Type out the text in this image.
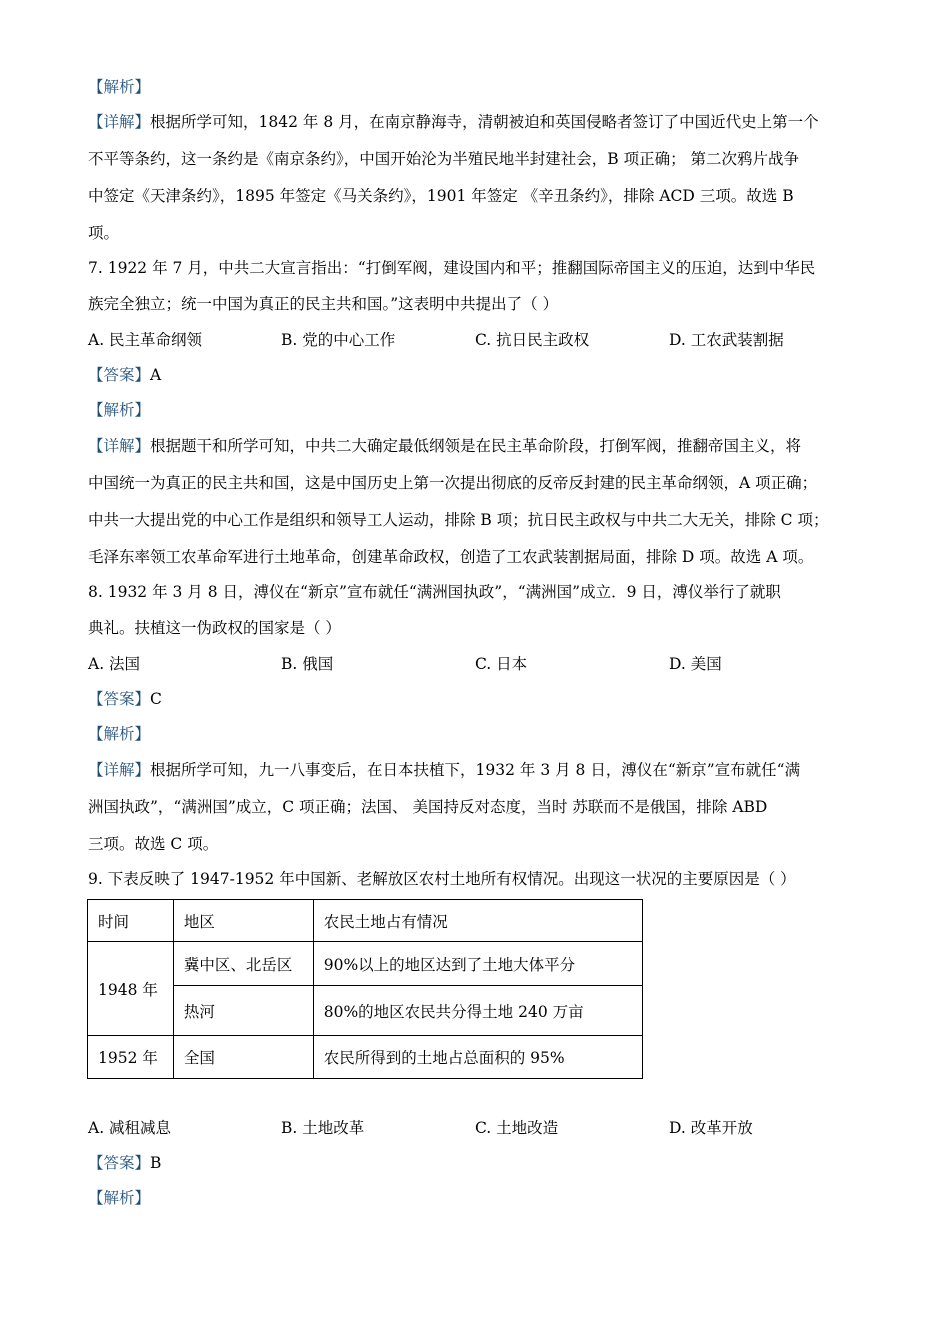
【解析】
【详解】根据所学可知，1842 年 8 月，在南京静海寺，清朝被迫和英国侵略者签订了中国近代史上第一个
不平等条约，这一条约是《南京条约》，中国开始沦为半殖民地半封建社会，B 项正确； 第二次鸦片战争
中签定《天津条约》，1895 年签定《马关条约》，1901 年签定 《辛丑条约》，排除 ACD 三项。故选 B
项。
7. 1922 年 7 月，中共二大宣言指出：“打倒军阀，建设国内和平；推翻国际帝国主义的压迫，达到中华民
族完全独立；统一中国为真正的民主共和国。”这表明中共提出了（ ）
A. 民主革命纲领	B. 党的中心工作	C. 抗日民主政权	D. 工农武装割据
【答案】A
【解析】
【详解】根据题干和所学可知，中共二大确定最低纲领是在民主革命阶段，打倒军阀，推翻帝国主义，将
中国统一为真正的民主共和国，这是中国历史上第一次提出彻底的反帝反封建的民主革命纲领，A 项正确；
中共一大提出党的中心工作是组织和领导工人运动，排除 B 项；抗日民主政权与中共二大无关，排除 C 项；
毛泽东率领工农革命军进行土地革命，创建革命政权，创造了工农武装割据局面，排除 D 项。故选 A 项。
8. 1932 年 3 月 8 日，溥仪在“新京”宣布就任“满洲国执政”，“满洲国”成立．9 日，溥仪举行了就职
典礼。扶植这一伪政权的国家是（ ）
A. 法国	B. 俄国	C. 日本	D. 美国
【答案】C
【解析】
【详解】根据所学可知，九一八事变后，在日本扶植下，1932 年 3 月 8 日，溥仪在“新京”宣布就任“满
洲国执政”，“满洲国”成立，C 项正确；法国、 美国持反对态度，当时 苏联而不是俄国，排除 ABD
三项。故选 C 项。
9. 下表反映了 1947-1952 年中国新、老解放区农村土地所有权情况。出现这一状况的主要原因是（ ）
时间	地区	农民土地占有情况
1948 年	冀中区、北岳区	90%以上的地区达到了土地大体平分
	热河	80%的地区农民共分得土地 240 万亩
1952 年	全国	农民所得到的土地占总面积的 95%
A. 减租减息	B. 土地改革	C. 土地改造	D. 改革开放
【答案】B
【解析】
